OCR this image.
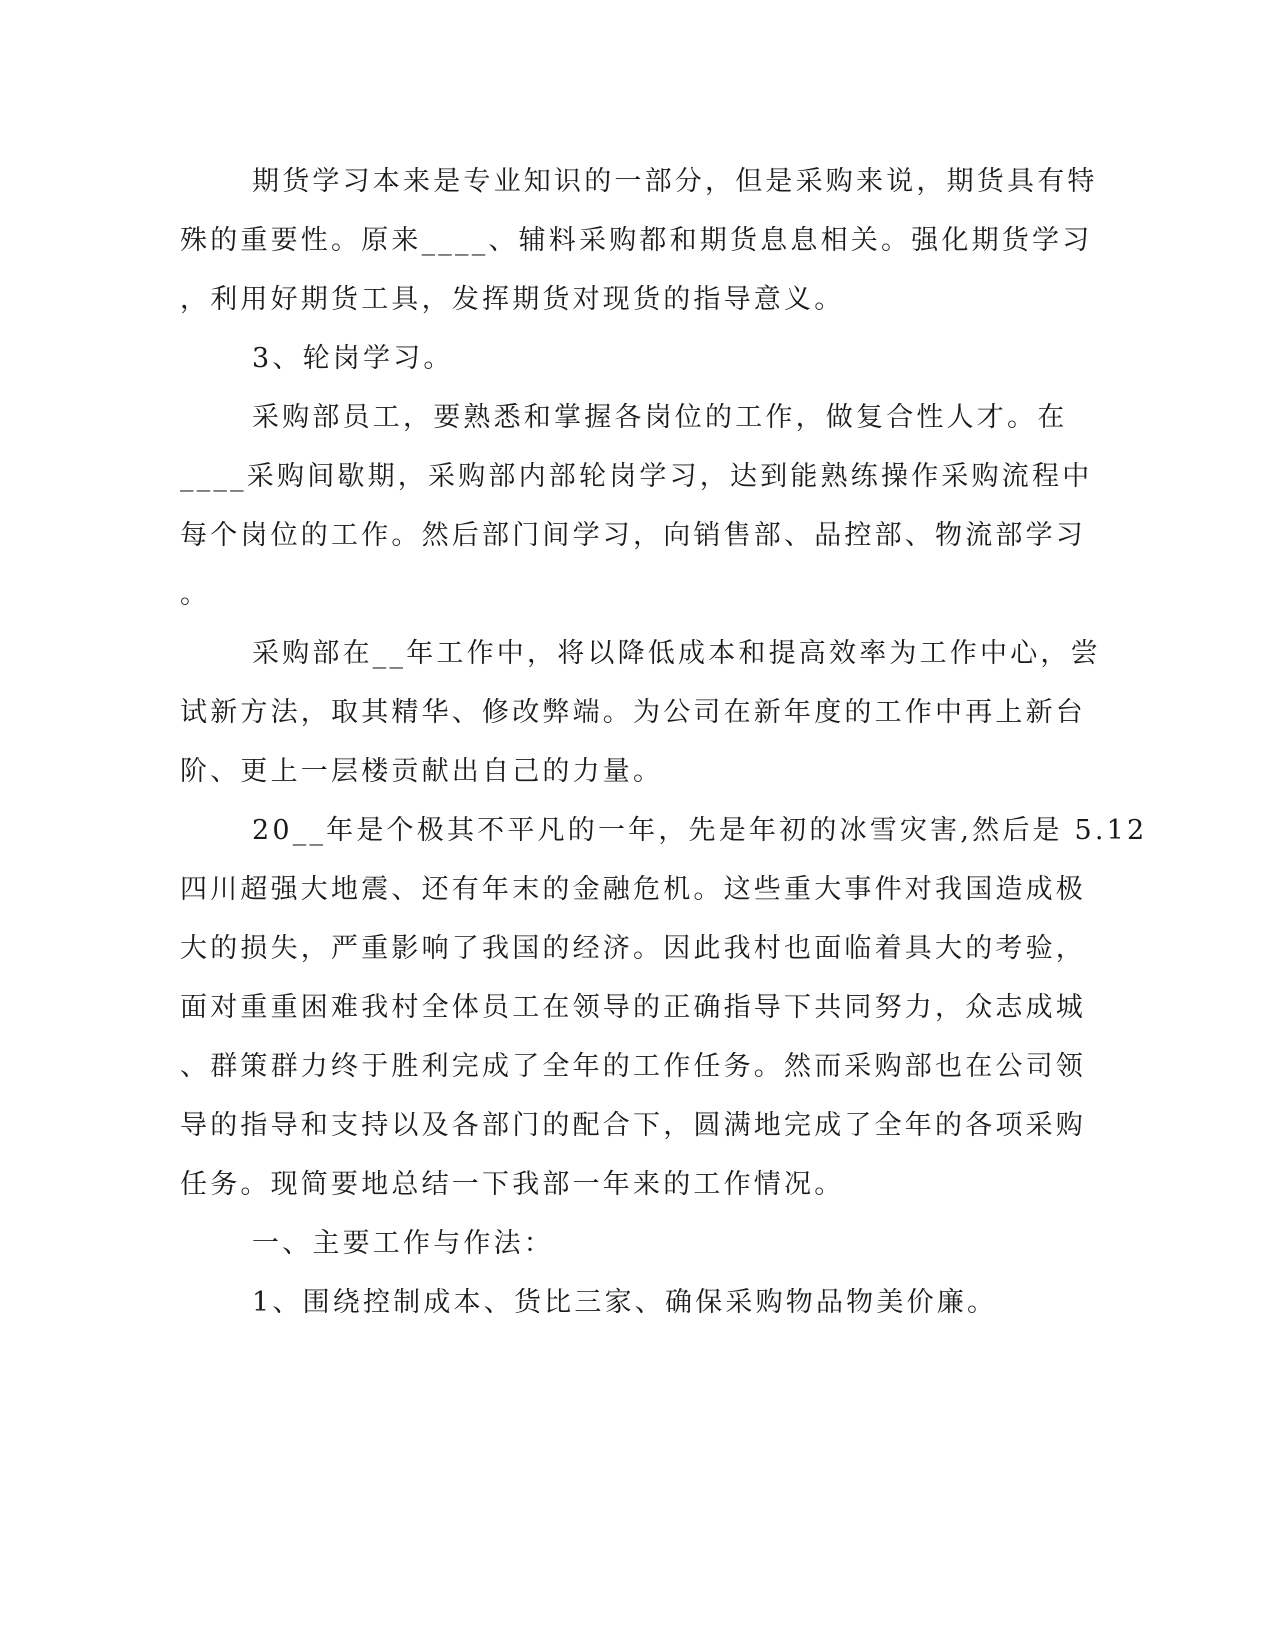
期货学习本来是专业知识的一部分，但是采购来说，期货具有特
殊的重要性。原来____、辅料采购都和期货息息相关。强化期货学习
，利用好期货工具，发挥期货对现货的指导意义。
3、轮岗学习。
采购部员工，要熟悉和掌握各岗位的工作，做复合性人才。在
____采购间歇期，采购部内部轮岗学习，达到能熟练操作采购流程中
每个岗位的工作。然后部门间学习，向销售部、品控部、物流部学习
。
采购部在__年工作中，将以降低成本和提高效率为工作中心，尝
试新方法，取其精华、修改弊端。为公司在新年度的工作中再上新台
阶、更上一层楼贡献出自己的力量。
20__年是个极其不平凡的一年，先是年初的冰雪灾害,然后是 5.12
四川超强大地震、还有年末的金融危机。这些重大事件对我国造成极
大的损失，严重影响了我国的经济。因此我村也面临着具大的考验，
面对重重困难我村全体员工在领导的正确指导下共同努力，众志成城
、群策群力终于胜利完成了全年的工作任务。然而采购部也在公司领
导的指导和支持以及各部门的配合下，圆满地完成了全年的各项采购
任务。现简要地总结一下我部一年来的工作情况。
一、主要工作与作法：
1、围绕控制成本、货比三家、确保采购物品物美价廉。
